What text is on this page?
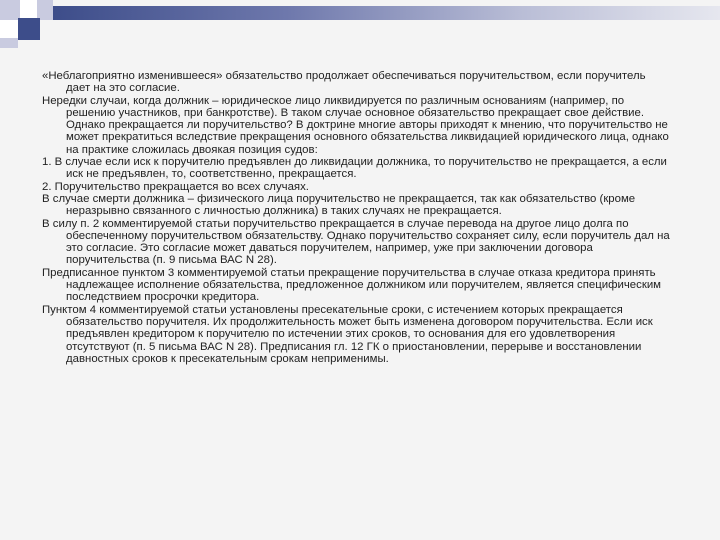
«Неблагоприятно изменившееся» обязательство продолжает обеспечиваться поручительством, если поручитель дает на это согласие.

Нередки случаи, когда должник – юридическое лицо ликвидируется по различным основаниям (например, по решению участников, при банкротстве). В таком случае основное обязательство прекращает свое действие. Однако прекращается ли поручительство? В доктрине многие авторы приходят к мнению, что поручительство не может прекратиться вследствие прекращения основного обязательства ликвидацией юридического лица, однако на практике сложилась двоякая позиция судов:

1. В случае если иск к поручителю предъявлен до ликвидации должника, то поручительство не прекращается, а если иск не предъявлен, то, соответственно, прекращается.

2. Поручительство прекращается во всех случаях.

В случае смерти должника – физического лица поручительство не прекращается, так как обязательство (кроме неразрывно связанного с личностью должника) в таких случаях не прекращается.

В силу п. 2 комментируемой статьи поручительство прекращается в случае перевода на другое лицо долга по обеспеченному поручительством обязательству. Однако поручительство сохраняет силу, если поручитель дал на это согласие. Это согласие может даваться поручителем, например, уже при заключении договора поручительства (п. 9 письма ВАС N 28).

Предписанное пунктом 3 комментируемой статьи прекращение поручительства в случае отказа кредитора принять надлежащее исполнение обязательства, предложенное должником или поручителем, является специфическим последствием просрочки кредитора.

Пунктом 4 комментируемой статьи установлены пресекательные сроки, с истечением которых прекращается обязательство поручителя. Их продолжительность может быть изменена договором поручительства. Если иск предъявлен кредитором к поручителю по истечении этих сроков, то основания для его удовлетворения отсутствуют (п. 5 письма ВАС N 28). Предписания гл. 12 ГК о приостановлении, перерыве и восстановлении давностных сроков к пресекательным срокам неприменимы.
